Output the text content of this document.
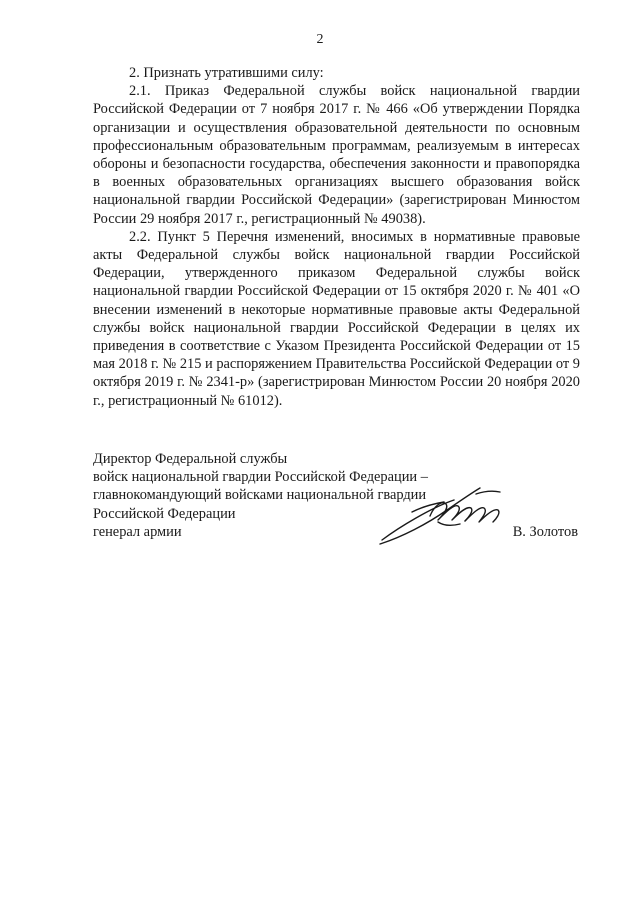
2

2. Признать утратившими силу:

2.1. Приказ Федеральной службы войск национальной гвардии Российской Федерации от 7 ноября 2017 г. № 466 «Об утверждении Порядка организации и осуществления образовательной деятельности по основным профессиональным образовательным программам, реализуемым в интересах обороны и безопасности государства, обеспечения законности и правопорядка в военных образовательных организациях высшего образования войск национальной гвардии Российской Федерации» (зарегистрирован Минюстом России 29 ноября 2017 г., регистрационный № 49038).

2.2. Пункт 5 Перечня изменений, вносимых в нормативные правовые акты Федеральной службы войск национальной гвардии Российской Федерации, утвержденного приказом Федеральной службы войск национальной гвардии Российской Федерации от 15 октября 2020 г. № 401 «О внесении изменений в некоторые нормативные правовые акты Федеральной службы войск национальной гвардии Российской Федерации в целях их приведения в соответствие с Указом Президента Российской Федерации от 15 мая 2018 г. № 215 и распоряжением Правительства Российской Федерации от 9 октября 2019 г. № 2341-р» (зарегистрирован Минюстом России 20 ноября 2020 г., регистрационный № 61012).

Директор Федеральной службы
войск национальной гвардии Российской Федерации –
главнокомандующий войсками национальной гвардии
Российской Федерации
генерал армии	В. Золотов
